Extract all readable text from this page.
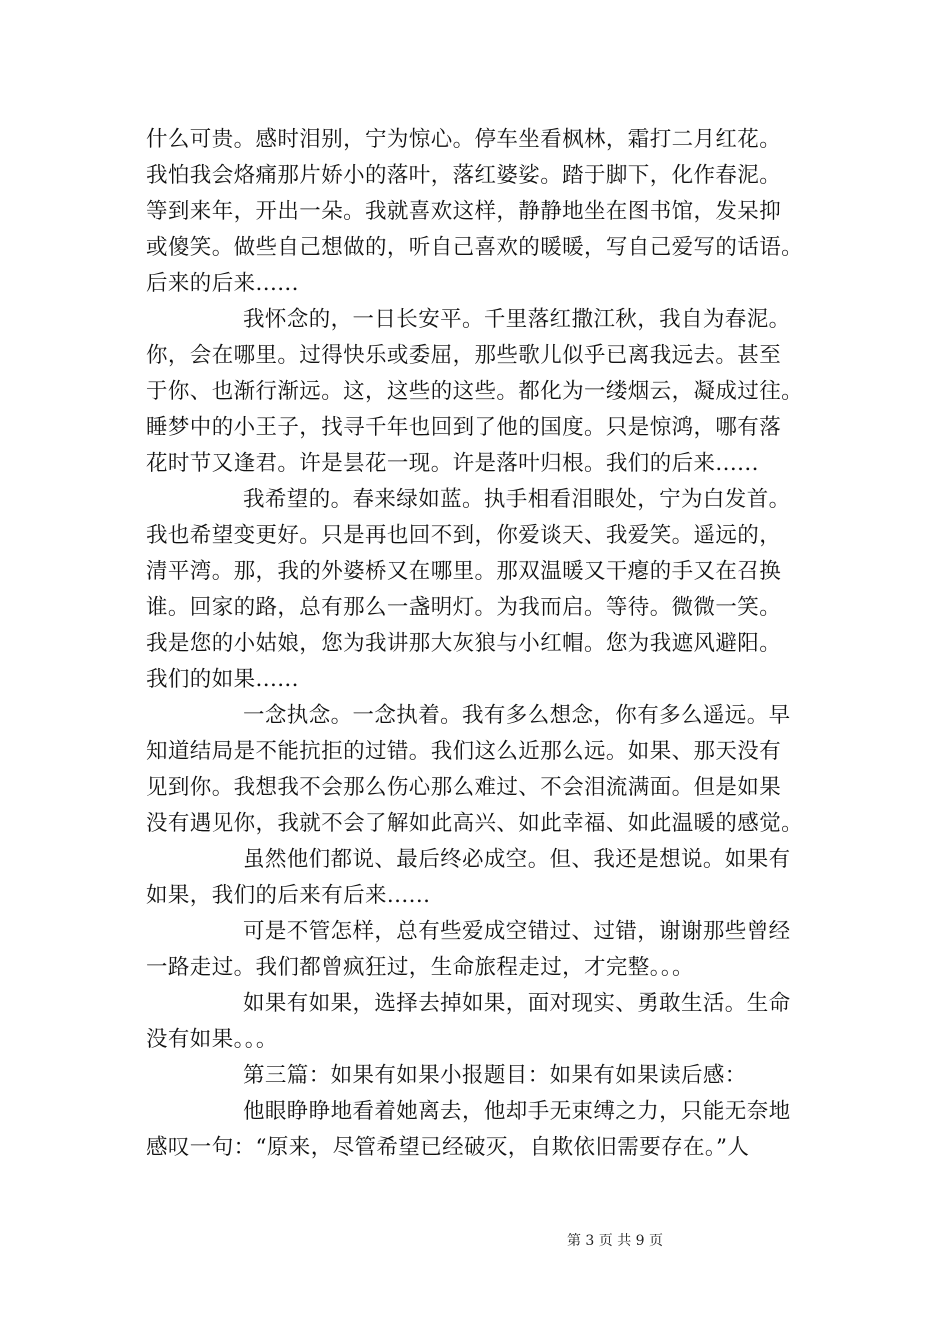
什么可贵。感时泪别，宁为惊心。停车坐看枫林，霜打二月红花。
我怕我会烙痛那片娇小的落叶，落红婆娑。踏于脚下，化作春泥。
等到来年，开出一朵。我就喜欢这样，静静地坐在图书馆，发呆抑
或傻笑。做些自己想做的，听自己喜欢的暖暖，写自己爱写的话语。
后来的后来......
我怀念的，一日长安平。千里落红撒江秋，我自为春泥。
你，会在哪里。过得快乐或委屈，那些歌儿似乎已离我远去。甚至
于你、也渐行渐远。这，这些的这些。都化为一缕烟云，凝成过往。
睡梦中的小王子，找寻千年也回到了他的国度。只是惊鸿，哪有落
花时节又逢君。许是昙花一现。许是落叶归根。我们的后来......
我希望的。春来绿如蓝。执手相看泪眼处，宁为白发首。
我也希望变更好。只是再也回不到，你爱谈天、我爱笑。遥远的，
清平湾。那，我的外婆桥又在哪里。那双温暖又干瘪的手又在召换
谁。回家的路，总有那么一盏明灯。为我而启。等待。微微一笑。
我是您的小姑娘，您为我讲那大灰狼与小红帽。您为我遮风避阳。
我们的如果......
一念执念。一念执着。我有多么想念，你有多么遥远。早
知道结局是不能抗拒的过错。我们这么近那么远。如果、那天没有
见到你。我想我不会那么伤心那么难过、不会泪流满面。但是如果
没有遇见你，我就不会了解如此高兴、如此幸福、如此温暖的感觉。
虽然他们都说、最后终必成空。但、我还是想说。如果有
如果，我们的后来有后来......
可是不管怎样，总有些爱成空错过、过错，谢谢那些曾经
一路走过。我们都曾疯狂过，生命旅程走过，才完整。。。
如果有如果，选择去掉如果，面对现实、勇敢生活。生命
没有如果。。。
第三篇：如果有如果小报题目：如果有如果读后感：
他眼睁睁地看着她离去，他却手无束缚之力，只能无奈地
感叹一句：“原来，尽管希望已经破灭，自欺依旧需要存在。”人
第 3 页 共 9 页
